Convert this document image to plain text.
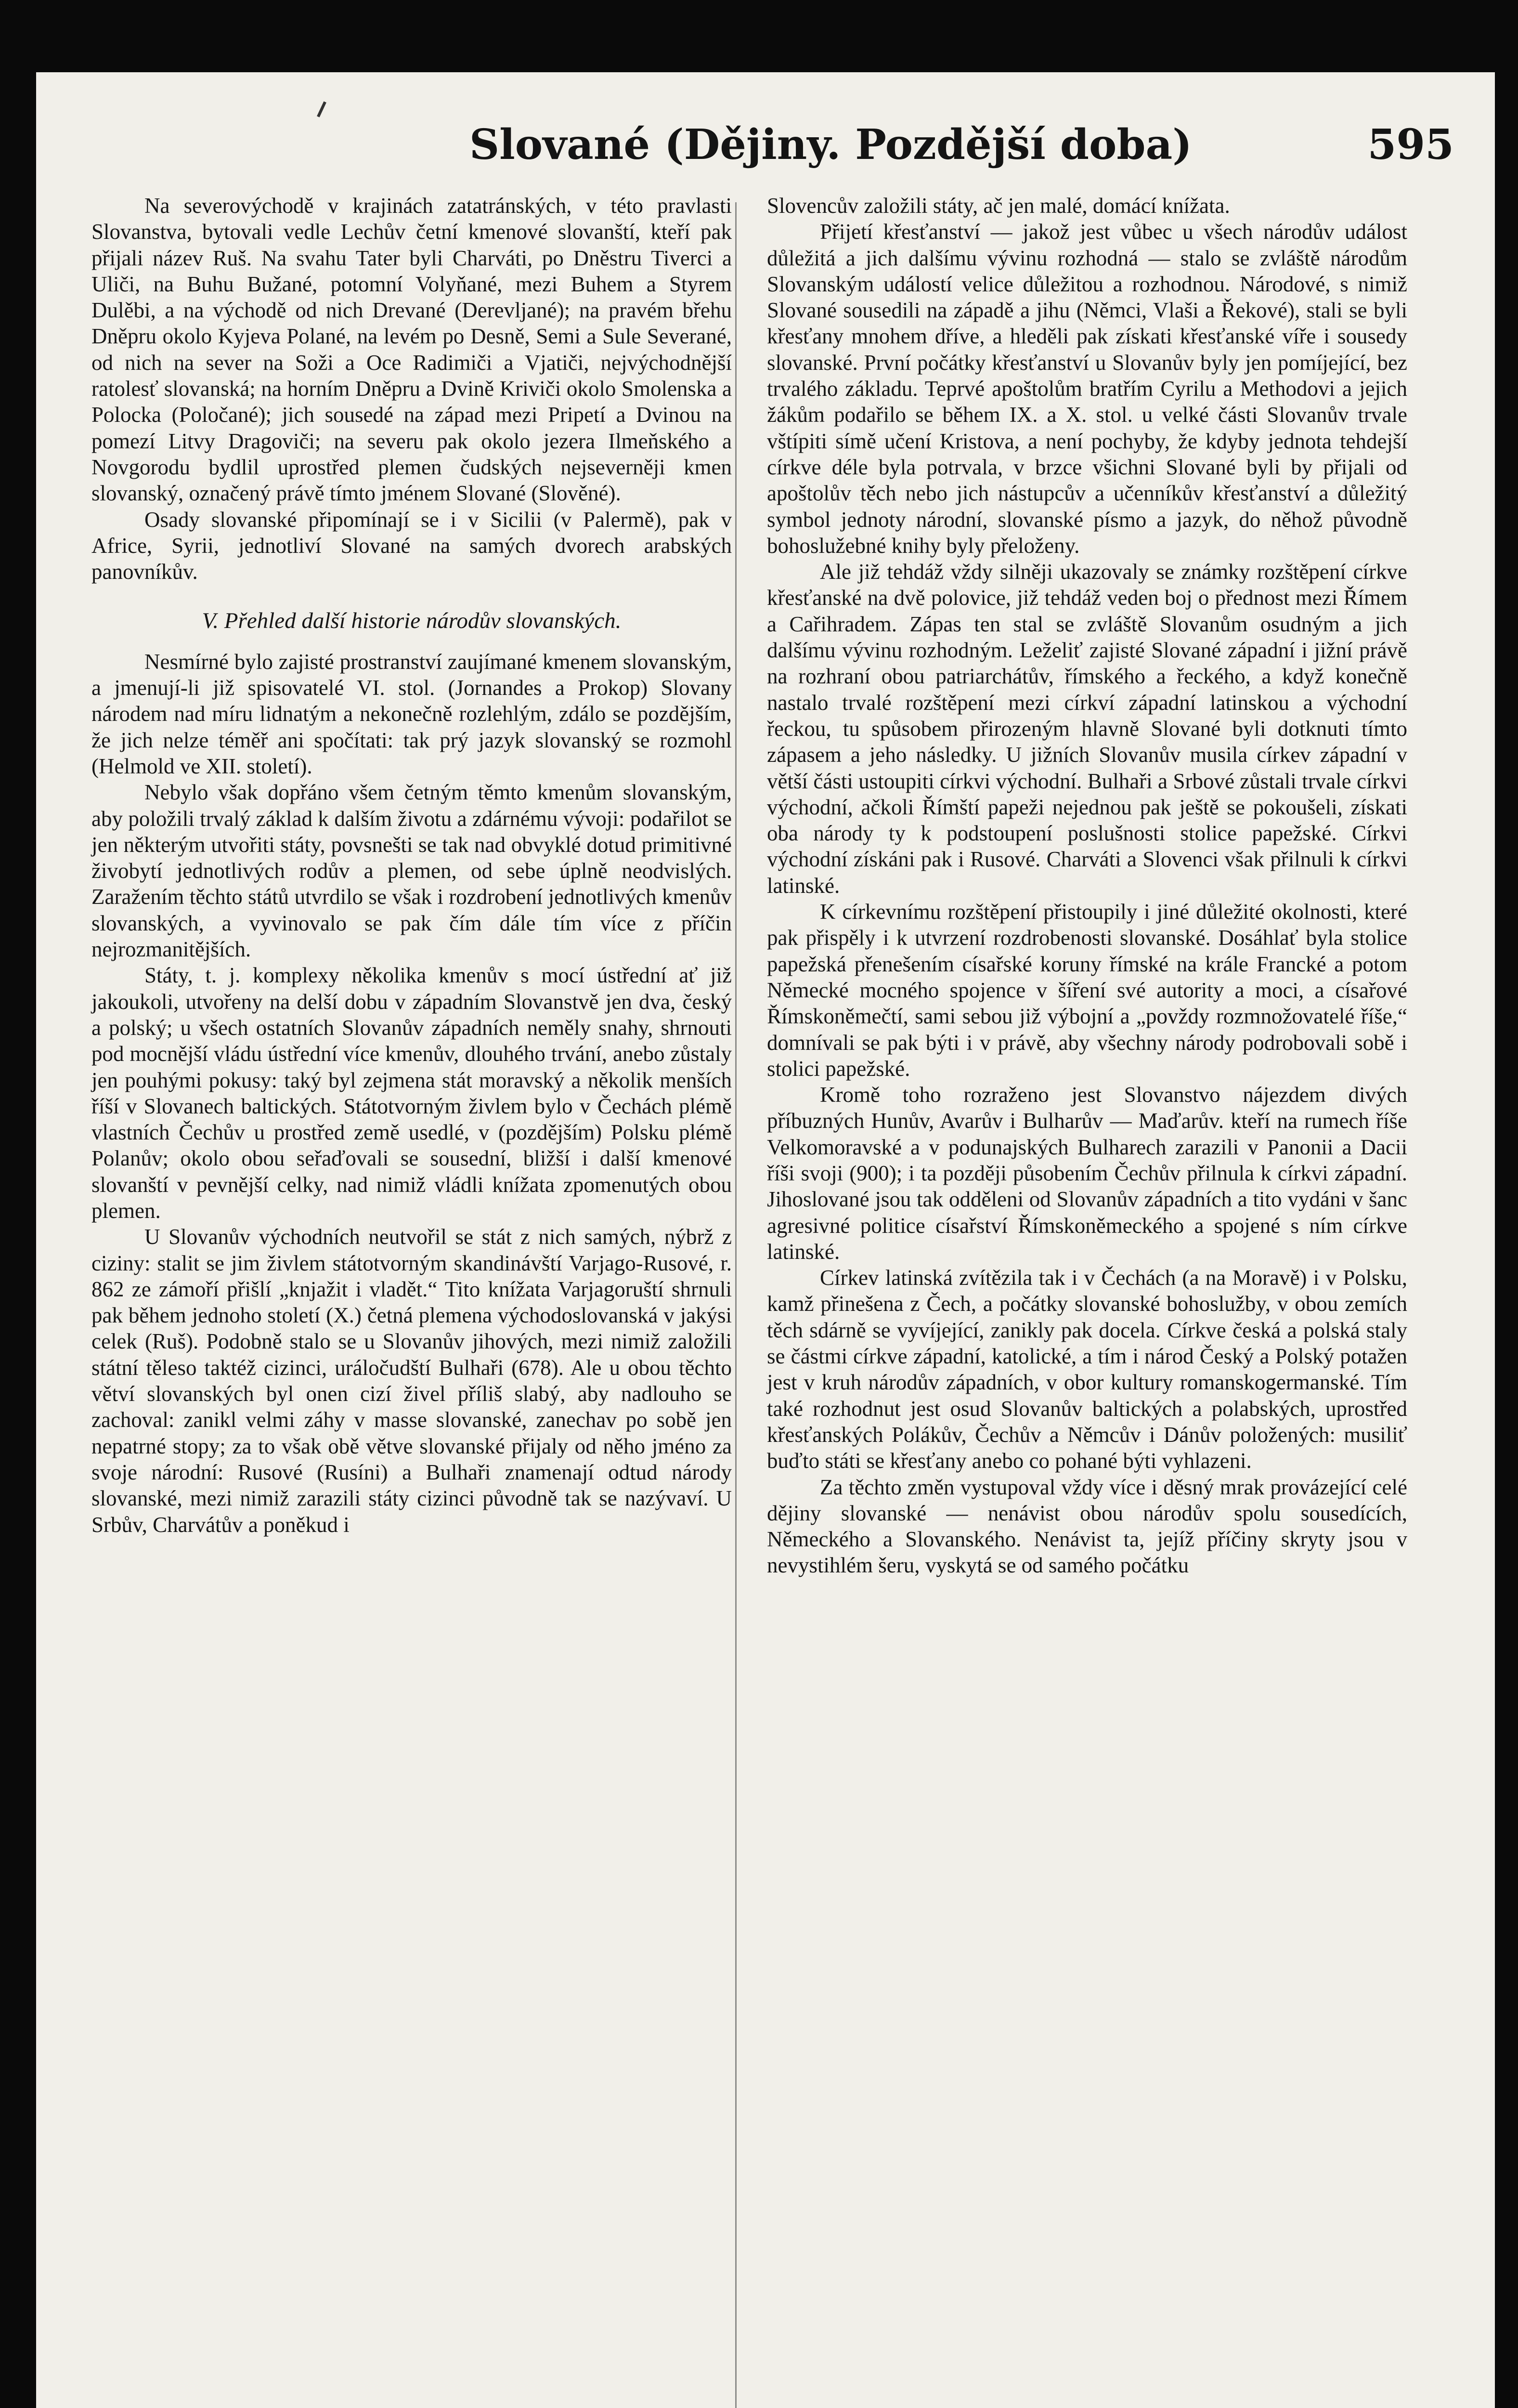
Slované (Dějiny. Pozdější doba)	595

Na severovýchodě v krajinách zatatránských, v této pravlasti Slovanstva, bytovali vedle Lechův četní kmenové slovanští, kteří pak přijali název Ruš. Na svahu Tater byli Charváti, po Dněstru Tiverci a Uliči, na Buhu Bužané, potomní Volyňané, mezi Buhem a Styrem Dulěbi, a na východě od nich Drevané (Derevljané); na pravém břehu Dněpru okolo Kyjeva Polané, na levém po Desně, Semi a Sule Severané, od nich na sever na Soži a Oce Radimiči a Vjatiči, nejvýchodnější ratolesť slovanská; na horním Dněpru a Dvině Kriviči okolo Smolenska a Polocka (Poločané); jich sousedé na západ mezi Pripetí a Dvinou na pomezí Litvy Dragoviči; na severu pak okolo jezera Ilmeňského a Novgorodu bydlil uprostřed plemen čudských nejseverněji kmen slovanský, označený právě tímto jménem Slované (Slověné).

Osady slovanské připomínají se i v Sicilii (v Palermě), pak v Africe, Syrii, jednotliví Slované na samých dvorech arabských panovníkův.

V. Přehled další historie národův slovanských.

Nesmírné bylo zajisté prostranství zaujímané kmenem slovanským, a jmenují-li již spisovatelé VI. stol. (Jornandes a Prokop) Slovany národem nad míru lidnatým a nekonečně rozlehlým, zdálo se pozdějším, že jich nelze téměř ani spočítati: tak prý jazyk slovanský se rozmohl (Helmold ve XII. století).

Nebylo však dopřáno všem četným těmto kmenům slovanským, aby položili trvalý základ k dalším životu a zdárnému vývoji: podařilot se jen některým utvořiti státy, povsnešti se tak nad obvyklé dotud primitivné živobytí jednotlivých rodův a plemen, od sebe úplně neodvislých. Zaražením těchto států utvrdilo se však i rozdrobení jednotlivých kmenův slovanských, a vyvinovalo se pak čím dále tím více z příčin nejrozmanitějších.

Státy, t. j. komplexy několika kmenův s mocí ústřední ať již jakoukoli, utvořeny na delší dobu v západním Slovanstvě jen dva, český a polský; u všech ostatních Slovanův západních neměly snahy, shrnouti pod mocnější vládu ústřední více kmenův, dlouhého trvání, anebo zůstaly jen pouhými pokusy: taký byl zejmena stát moravský a několik menších říší v Slovanech baltických. Státotvorným živlem bylo v Čechách plémě vlastních Čechův u prostřed země usedlé, v (pozdějším) Polsku plémě Polanův; okolo obou seřaďovali se sousední, bližší i další kmenové slovanští v pevnější celky, nad nimiž vládli knížata zpomenutých obou plemen.

U Slovanův východních neutvořil se stát z nich samých, nýbrž z ciziny: stalit se jim živlem státotvorným skandinávští Varjago-Rusové, r. 862 ze zámoří přišlí „knjažit i vladět.“ Tito knížata Varjagoruští shrnuli pak během jednoho století (X.) četná plemena východoslovanská v jakýsi celek (Ruš). Podobně stalo se u Slovanův jihových, mezi nimiž založili státní těleso taktéž cizinci, uráločudští Bulhaři (678). Ale u obou těchto větví slovanských byl onen cizí živel příliš slabý, aby nadlouho se zachoval: zanikl velmi záhy v masse slovanské, zanechav po sobě jen nepatrné stopy; za to však obě větve slovanské přijaly od něho jméno za svoje národní: Rusové (Rusíni) a Bulhaři znamenají odtud národy slovanské, mezi nimiž zarazili státy cizinci původně tak se nazývaví. U Srbův, Charvátův a poněkud i

Slovencův založili státy, ač jen malé, domácí knížata.

Přijetí křesťanství — jakož jest vůbec u všech národův událost důležitá a jich dalšímu vývinu rozhodná — stalo se zvláště národům Slovanským událostí velice důležitou a rozhodnou. Národové, s nimiž Slované sousedili na západě a jihu (Němci, Vlaši a Řekové), stali se byli křesťany mnohem dříve, a hleděli pak získati křesťanské víře i sousedy slovanské. První počátky křesťanství u Slovanův byly jen pomíjející, bez trvalého základu. Teprvé apoštolům bratřím Cyrilu a Methodovi a jejich žákům podařilo se během IX. a X. stol. u velké části Slovanův trvale vštípiti símě učení Kristova, a není pochyby, že kdyby jednota tehdejší církve déle byla potrvala, v brzce všichni Slované byli by přijali od apoštolův těch nebo jich nástupcův a učenníkův křesťanství a důležitý symbol jednoty národní, slovanské písmo a jazyk, do něhož původně bohoslužebné knihy byly přeloženy.

Ale již tehdáž vždy silněji ukazovaly se známky rozštěpení církve křesťanské na dvě polovice, již tehdáž veden boj o přednost mezi Římem a Cařihradem. Zápas ten stal se zvláště Slovanům osudným a jich dalšímu vývinu rozhodným. Leželiť zajisté Slované západní i jižní právě na rozhraní obou patriarchátův, římského a řeckého, a když konečně nastalo trvalé rozštěpení mezi církví západní latinskou a východní řeckou, tu spůsobem přirozeným hlavně Slované byli dotknuti tímto zápasem a jeho následky. U jižních Slovanův musila církev západní v větší části ustoupiti církvi východní. Bulhaři a Srbové zůstali trvale církvi východní, ačkoli Římští papeži nejednou pak ještě se pokoušeli, získati oba národy ty k podstoupení poslušnosti stolice papežské. Církvi východní získáni pak i Rusové. Charváti a Slovenci však přilnuli k církvi latinské.

K církevnímu rozštěpení přistoupily i jiné důležité okolnosti, které pak přispěly i k utvrzení rozdrobenosti slovanské. Dosáhlať byla stolice papežská přenešením císařské koruny římské na krále Francké a potom Německé mocného spojence v šíření své autority a moci, a císařové Římskoněmečtí, sami sebou již výbojní a „povždy rozmnožovatelé říše,“ domnívali se pak býti i v právě, aby všechny národy podrobovali sobě i stolici papežské.

Kromě toho rozraženo jest Slovanstvo nájezdem divých příbuzných Hunův, Avarův i Bulharův — Maďarův. kteří na rumech říše Velkomoravské a v podunajských Bulharech zarazili v Panonii a Dacii říši svoji (900); i ta později působením Čechův přilnula k církvi západní. Jihoslované jsou tak odděleni od Slovanův západních a tito vydáni v šanc agresivné politice císařství Římskoněmeckého a spojené s ním církve latinské.

Církev latinská zvítězila tak i v Čechách (a na Moravě) i v Polsku, kamž přinešena z Čech, a počátky slovanské bohoslužby, v obou zemích těch sdárně se vyvíjející, zanikly pak docela. Církve česká a polská staly se částmi církve západní, katolické, a tím i národ Český a Polský potažen jest v kruh národův západních, v obor kultury romanskogermanské. Tím také rozhodnut jest osud Slovanův baltických a polabských, uprostřed křesťanských Polákův, Čechův a Němcův i Dánův položených: musiliť buďto státi se křesťany anebo co pohané býti vyhlazeni.

Za těchto změn vystupoval vždy více i děsný mrak provázející celé dějiny slovanské — nenávist obou národův spolu sousedících, Německého a Slovanského. Nenávist ta, jejíž příčiny skryty jsou v nevystihlém šeru, vyskytá se od samého počátku
